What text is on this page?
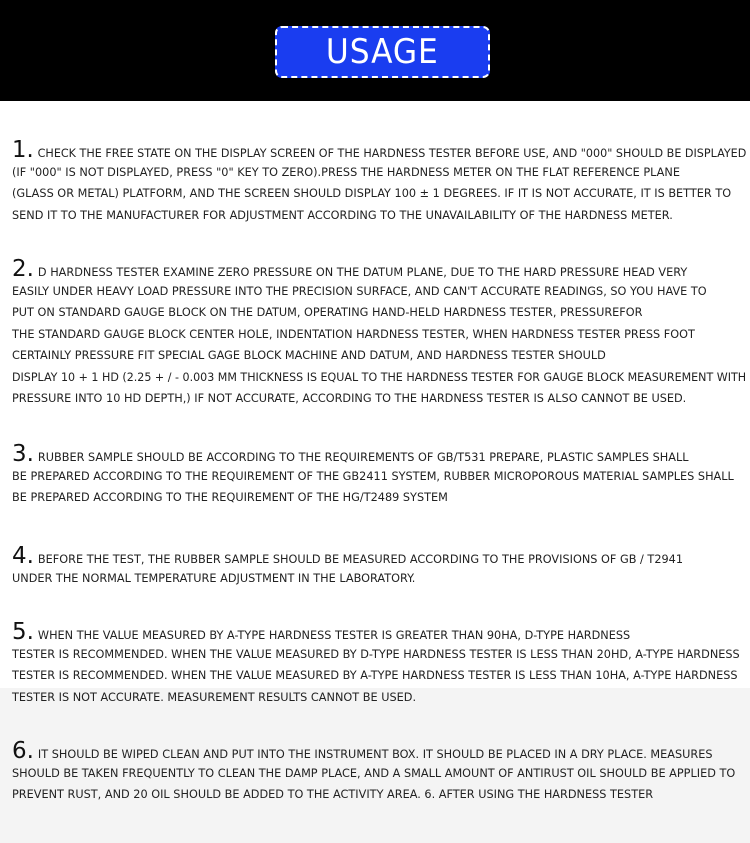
USAGE
1. CHECK THE FREE STATE ON THE DISPLAY SCREEN OF THE HARDNESS TESTER BEFORE USE, AND "000" SHOULD BE DISPLAYED
(IF "000" IS NOT DISPLAYED, PRESS "0" KEY TO ZERO).PRESS THE HARDNESS METER ON THE FLAT REFERENCE PLANE
(GLASS OR METAL) PLATFORM, AND THE SCREEN SHOULD DISPLAY 100 ± 1 DEGREES. IF IT IS NOT ACCURATE, IT IS BETTER TO
SEND IT TO THE MANUFACTURER FOR ADJUSTMENT ACCORDING TO THE UNAVAILABILITY OF THE HARDNESS METER.
2. D HARDNESS TESTER EXAMINE ZERO PRESSURE ON THE DATUM PLANE, DUE TO THE HARD PRESSURE HEAD VERY
EASILY UNDER HEAVY LOAD PRESSURE INTO THE PRECISION SURFACE, AND CAN'T ACCURATE READINGS, SO YOU HAVE TO
PUT ON STANDARD GAUGE BLOCK ON THE DATUM, OPERATING HAND-HELD HARDNESS TESTER, PRESSUREFOR
THE STANDARD GAUGE BLOCK CENTER HOLE, INDENTATION HARDNESS TESTER, WHEN HARDNESS TESTER PRESS FOOT
CERTAINLY PRESSURE FIT SPECIAL GAGE BLOCK MACHINE AND DATUM, AND HARDNESS TESTER SHOULD
DISPLAY 10 + 1 HD (2.25 + / - 0.003 MM THICKNESS IS EQUAL TO THE HARDNESS TESTER FOR GAUGE BLOCK MEASUREMENT WITH
PRESSURE INTO 10 HD DEPTH,) IF NOT ACCURATE, ACCORDING TO THE HARDNESS TESTER IS ALSO CANNOT BE USED.
3. RUBBER SAMPLE SHOULD BE ACCORDING TO THE REQUIREMENTS OF GB/T531 PREPARE, PLASTIC SAMPLES SHALL
BE PREPARED ACCORDING TO THE REQUIREMENT OF THE GB2411 SYSTEM, RUBBER MICROPOROUS MATERIAL SAMPLES SHALL
BE PREPARED ACCORDING TO THE REQUIREMENT OF THE HG/T2489 SYSTEM
4. BEFORE THE TEST, THE RUBBER SAMPLE SHOULD BE MEASURED ACCORDING TO THE PROVISIONS OF GB / T2941
UNDER THE NORMAL TEMPERATURE ADJUSTMENT IN THE LABORATORY.
5. WHEN THE VALUE MEASURED BY A-TYPE HARDNESS TESTER IS GREATER THAN 90HA, D-TYPE HARDNESS
TESTER IS RECOMMENDED. WHEN THE VALUE MEASURED BY D-TYPE HARDNESS TESTER IS LESS THAN 20HD, A-TYPE HARDNESS
TESTER IS RECOMMENDED. WHEN THE VALUE MEASURED BY A-TYPE HARDNESS TESTER IS LESS THAN 10HA, A-TYPE HARDNESS
TESTER IS NOT ACCURATE. MEASUREMENT RESULTS CANNOT BE USED.
6. IT SHOULD BE WIPED CLEAN AND PUT INTO THE INSTRUMENT BOX. IT SHOULD BE PLACED IN A DRY PLACE. MEASURES
SHOULD BE TAKEN FREQUENTLY TO CLEAN THE DAMP PLACE, AND A SMALL AMOUNT OF ANTIRUST OIL SHOULD BE APPLIED TO
PREVENT RUST, AND 20 OIL SHOULD BE ADDED TO THE ACTIVITY AREA. 6. AFTER USING THE HARDNESS TESTER
